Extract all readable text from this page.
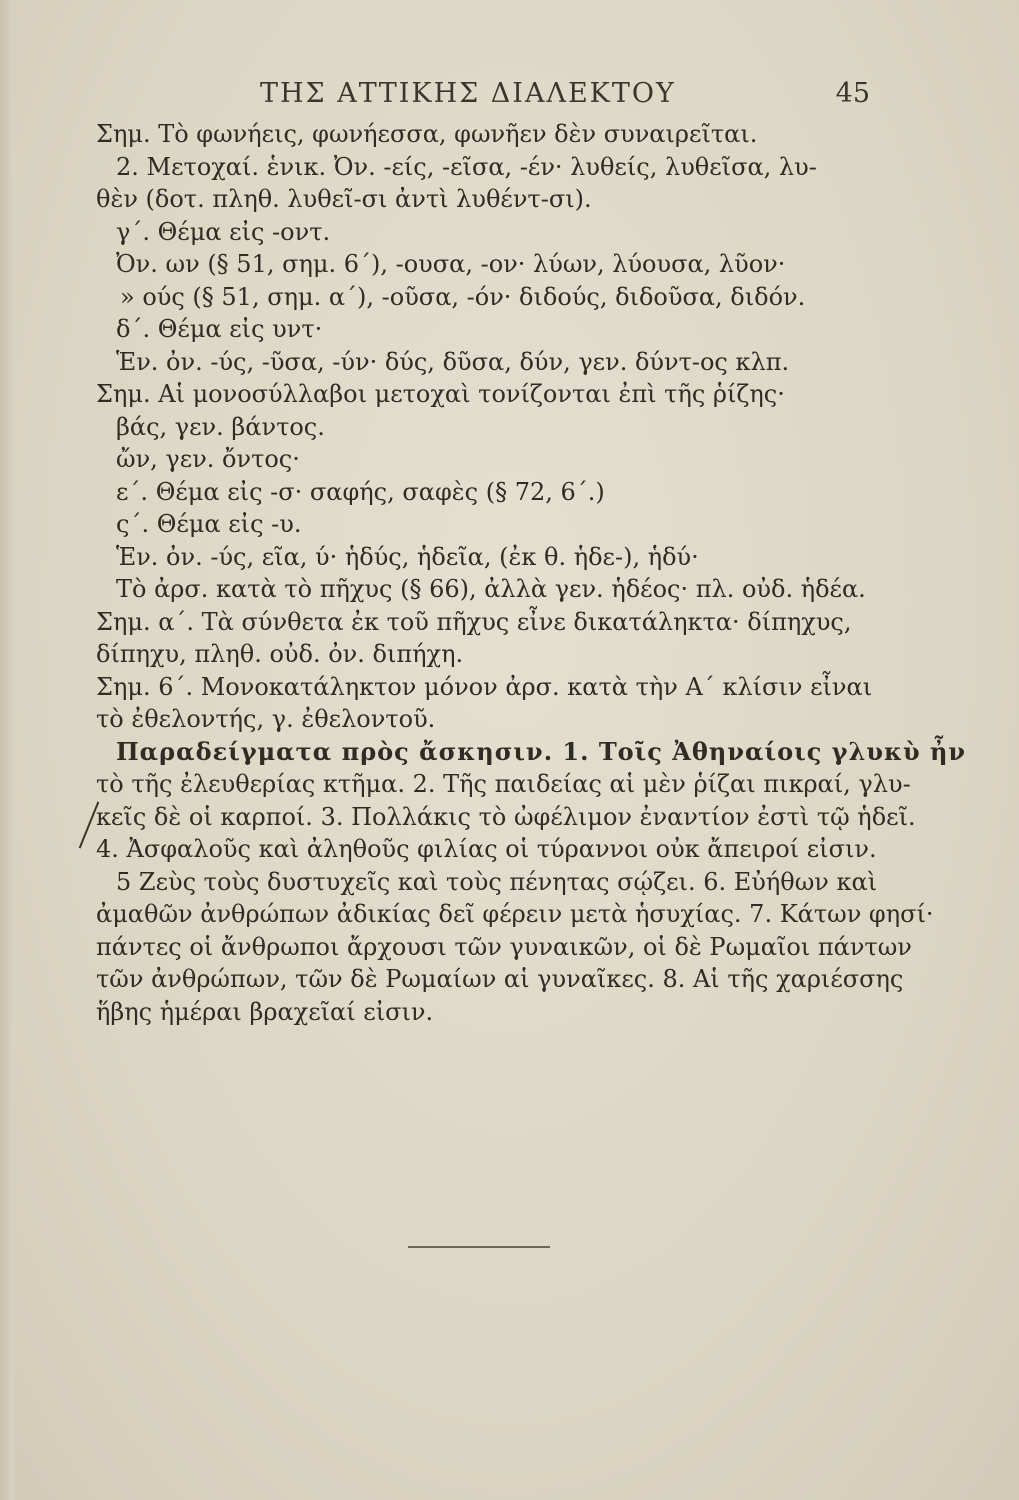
ΤΗΣ ΑΤΤΙΚΗΣ ΔΙΑΛΕΚΤΟΥ	45
Σημ. Τὸ φωνήεις, φωνήεσσα, φωνῆεν δὲν συναιρεῖται.
2. Μετοχαί. ἑνικ. Ὀν. -είς, -εῖσα, -έν· λυθείς, λυθεῖσα, λυ-
θὲν (δοτ. πληθ. λυθεῖ-σι ἀντὶ λυθέντ-σι).
γ΄. Θέμα εἰς -οντ.
Ὀν. ων (§ 51, σημ. 6΄), -ουσα, -ον· λύων, λύουσα, λῦον·
» ούς (§ 51, σημ. α΄), -οῦσα, -όν· διδούς, διδοῦσα, διδόν.
δ΄. Θέμα εἰς υντ·
Ἑν. ὀν. -ύς, -ῦσα, -ύν· δύς, δῦσα, δύν, γεν. δύντ-ος κλπ.
Σημ. Αἱ μονοσύλλαβοι μετοχαὶ τονίζονται ἐπὶ τῆς ῥίζης·
βάς, γεν. βάντος.
ὤν, γεν. ὄντος·
ε΄. Θέμα εἰς -σ· σαφής, σαφὲς (§ 72, 6΄.)
ς΄. Θέμα εἰς -υ.
Ἑν. ὀν. -ύς, εῖα, ύ· ἡδύς, ἡδεῖα, (ἐκ θ. ἡδε-), ἡδύ·
Τὸ ἀρσ. κατὰ τὸ πῆχυς (§ 66), ἀλλὰ γεν. ἡδέος· πλ. οὐδ. ἡδέα.
Σημ. α΄. Τὰ σύνθετα ἐκ τοῦ πῆχυς εἶνε δικατάληκτα· δίπηχυς,
δίπηχυ, πληθ. οὐδ. ὀν. διπήχη.
Σημ. 6΄. Μονοκατάληκτον μόνον ἀρσ. κατὰ τὴν Α΄ κλίσιν εἶναι
τὸ ἐθελοντής, γ. ἐθελοντοῦ.
Παραδείγματα πρὸς ἄσκησιν. 1. Τοῖς Ἀθηναίοις γλυκὺ ἦν
τὸ τῆς ἐλευθερίας κτῆμα. 2. Τῆς παιδείας αἱ μὲν ῥίζαι πικραί, γλυ-
κεῖς δὲ οἱ καρποί. 3. Πολλάκις τὸ ὠφέλιμον ἐναντίον ἐστὶ τῷ ἡδεῖ.
4. Ἀσφαλοῦς καὶ ἀληθοῦς φιλίας οἱ τύραννοι οὐκ ἄπειροί εἰσιν.
5 Ζεὺς τοὺς δυστυχεῖς καὶ τοὺς πένητας σῴζει. 6. Εὐήθων καὶ
ἀμαθῶν ἀνθρώπων ἀδικίας δεῖ φέρειν μετὰ ἡσυχίας. 7. Κάτων φησί·
πάντες οἱ ἄνθρωποι ἄρχουσι τῶν γυναικῶν, οἱ δὲ Ρωμαῖοι πάντων
τῶν ἀνθρώπων, τῶν δὲ Ρωμαίων αἱ γυναῖκες. 8. Αἱ τῆς χαριέσσης
ἥβης ἡμέραι βραχεῖαί εἰσιν.
